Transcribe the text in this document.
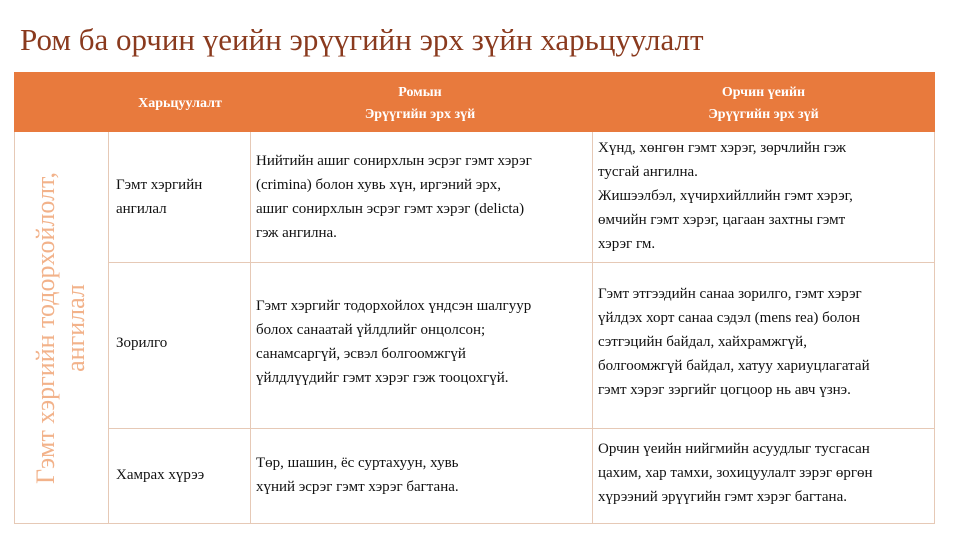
Ром ба орчин үеийн эрүүгийн эрх зүйн харьцуулалт
Харьцуулалт
Ромын
Эрүүгийн эрх зүй
Орчин үеийн
Эрүүгийн эрх зүй
Гэмт хэргийн тодорхойлолт, ангилал
Гэмт хэргийн
ангилал
Нийтийн ашиг сонирхлын эсрэг гэмт хэрэг
(crimina) болон хувь хүн, иргэний эрх,
ашиг сонирхлын эсрэг гэмт хэрэг (delicta)
гэж ангилна.
Хүнд, хөнгөн гэмт хэрэг, зөрчлийн гэж
тусгай ангилна.
Жишээлбэл, хүчирхийллийн гэмт хэрэг,
өмчийн гэмт хэрэг, цагаан захтны гэмт
хэрэг гм.
Зорилго
Гэмт хэргийг тодорхойлох үндсэн шалгуур
болох санаатай үйлдлийг онцолсон;
санамсаргүй, эсвэл болгоомжгүй
үйлдлүүдийг гэмт хэрэг гэж тооцохгүй.
Гэмт этгээдийн санаа зорилго, гэмт хэрэг
үйлдэх хорт санаа сэдэл (mens rea) болон
сэтгэцийн байдал, хайхрамжгүй,
болгоомжгүй байдал, хатуу хариуцлагатай
гэмт хэрэг зэргийг цогцоор нь авч үзнэ.
Хамрах хүрээ
Төр, шашин, ёс суртахуун, хувь
хүний эсрэг гэмт хэрэг багтана.
Орчин үеийн нийгмийн асуудлыг тусгасан
цахим, хар тамхи, зохицуулалт зэрэг өргөн
хүрээний эрүүгийн гэмт хэрэг багтана.
